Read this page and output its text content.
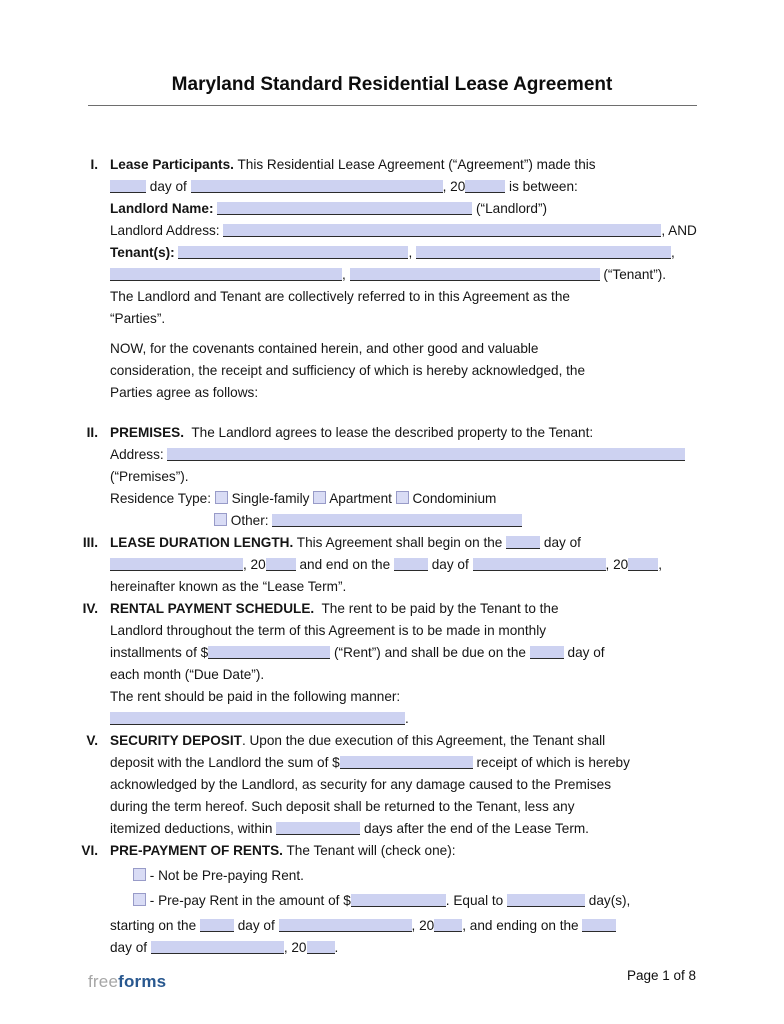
Maryland Standard Residential Lease Agreement
I. Lease Participants. This Residential Lease Agreement (“Agreement”) made this
day of	, 20	is between:
Landlord Name:	(“Landlord”)
Landlord Address:	, AND
Tenant(s):	,	,
,	(“Tenant”).
The Landlord and Tenant are collectively referred to in this Agreement as the
“Parties”.
NOW, for the covenants contained herein, and other good and valuable
consideration, the receipt and sufficiency of which is hereby acknowledged, the
Parties agree as follows:
II. PREMISES.  The Landlord agrees to lease the described property to the Tenant:
Address:
(“Premises”).
Residence Type:  Single-family  Apartment  Condominium
Other:
III. LEASE DURATION LENGTH. This Agreement shall begin on the	day of
, 20 and end on the	day of	, 20 ,
hereinafter known as the “Lease Term”.
IV. RENTAL PAYMENT SCHEDULE.  The rent to be paid by the Tenant to the
Landlord throughout the term of this Agreement is to be made in monthly
installments of $	(“Rent”) and shall be due on the	day of
each month (“Due Date”).
The rent should be paid in the following manner:
.
V. SECURITY DEPOSIT. Upon the due execution of this Agreement, the Tenant shall
deposit with the Landlord the sum of $	receipt of which is hereby
acknowledged by the Landlord, as security for any damage caused to the Premises
during the term hereof. Such deposit shall be returned to the Tenant, less any
itemized deductions, within	days after the end of the Lease Term.
VI. PRE-PAYMENT OF RENTS. The Tenant will (check one):
- Not be Pre-paying Rent.
- Pre-pay Rent in the amount of $	. Equal to	day(s),
starting on the	day of	, 20 , and ending on the
day of	, 20 .
freeforms	Page 1 of 8
